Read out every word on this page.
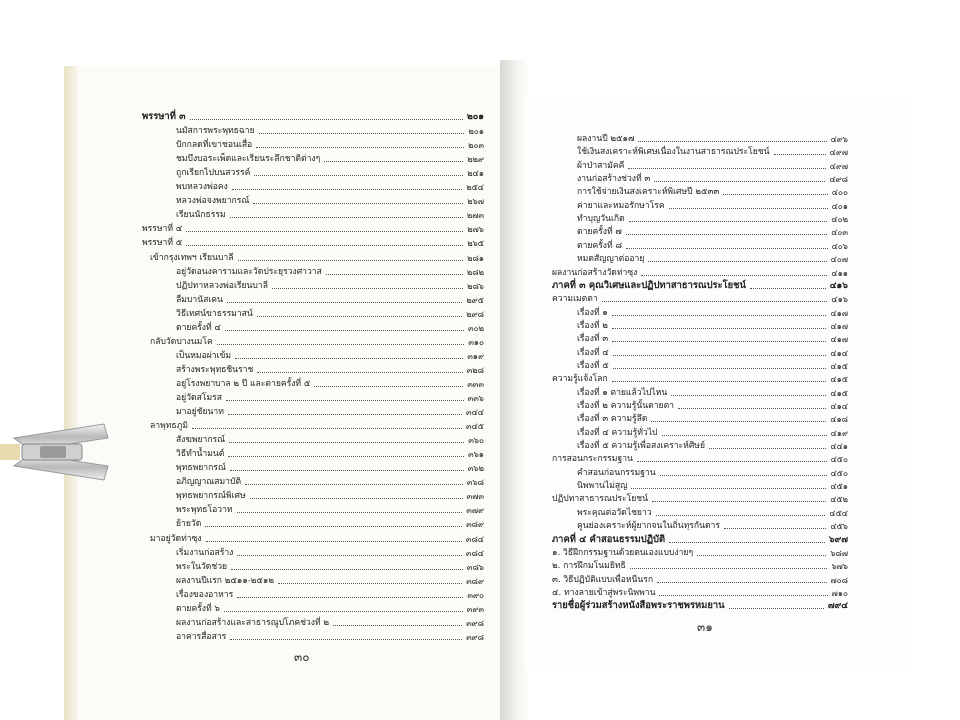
พรรษาที่ ๓	๒๐๑
นมัสการพระพุทธฉาย	๒๐๑
ปักกลดที่เขาชอนเสื่อ	๒๐๓
ชมบึงบอระเพ็ดและเรียนระลึกชาติต่างๆ	๒๒๙
ถูกเรียกไปบนสวรรค์	๒๔๑
พบหลวงพ่อคง	๒๕๔
หลวงพ่อจงพยากรณ์	๒๖๗
เรียนนักธรรม	๒๗๓
พรรษาที่ ๔	๒๗๖
พรรษาที่ ๕	๒๖๕
เข้ากรุงเทพฯ เรียนบาลี	๒๘๑
อยู่วัดอนงคารามและวัดประยุรวงศาวาส	๒๘๒
ปฏิปทาหลวงพ่อเรียนบาลี	๒๘๖
ลืมบานัสเคน	๒๙๕
วิธีเทศน์ขาธรรมาสน์	๒๙๘
ตายครั้งที่ ๔	๓๐๒
กลับวัดบางนมโค	๓๑๐
เป็นหมอผ่าเข้ม	๓๑๙
สร้างพระพุทธชินราช	๓๒๘
อยู่โรงพยาบาล ๒ ปี และตายครั้งที่ ๕	๓๓๓
อยู่วัดสโมรส	๓๓๖
มาอยู่ชัยนาท	๓๔๔
ลาพุทธภูมิ	๓๔๕
สังฆพยากรณ์	๓๖๐
วิธีทำน้ำมนต์	๓๖๑
พุทธพยากรณ์	๓๖๒
อภิญญาณสมาบัติ	๓๖๘
พุทธพยากรณ์พิเศษ	๓๗๓
พระพุทธโอวาท	๓๗๙
ย้ายวัด	๓๘๙
มาอยู่วัดท่าซุง	๓๘๔
เริ่มงานก่อสร้าง	๓๘๔
พระในวัดช่วย	๓๘๖
ผลงานปีแรก ๒๕๑๑-๒๕๑๒	๓๘๙
เรื่องของอาหาร	๓๙๐
ตายครั้งที่ ๖	๓๙๓
ผลงานก่อสร้างและสาธารณูปโภคช่วงที่ ๒	๓๙๘
อาคารสื่อสาร	๓๙๘
ผลงานปี ๒๕๑๗	๔๙๖
ใช้เงินสงเคราะห์พิเศษเนื่องในงานสาธารณประโยชน์	๔๙๗
ผ้าป่าสามัคคี	๔๙๗
งานก่อสร้างช่วงที่ ๓	๔๙๘
การใช้จ่ายเงินสงเคราะห์พิเศษปี ๒๕๓๓	๔๐๐
ค่ายาและหมอรักษาโรค	๔๐๑
ทำบุญวันเกิด	๔๐๒
ตายครั้งที่ ๗	๔๐๓
ตายครั้งที่ ๘	๔๐๖
หมดสัญญาต่ออายุ	๔๐๗
ผลงานก่อสร้างวัดท่าซุง	๔๑๑
ภาคที่ ๓ คุณวิเศษและปฏิปทาสาธารณประโยชน์	๔๑๖
ความเมตตา	๔๑๖
เรื่องที่ ๑	๔๑๗
เรื่องที่ ๒	๔๑๗
เรื่องที่ ๓	๔๑๗
เรื่องที่ ๔	๔๑๔
เรื่องที่ ๕	๔๑๕
ความรู้แจ้งโลก	๔๑๕
เรื่องที่ ๑ ตายแล้วไปไหน	๔๑๕
เรื่องที่ ๒ ความรู้นั้นตายตา	๔๑๔
เรื่องที่ ๓ ความรู้ลึด	๔๑๘
เรื่องที่ ๔ ความรู้ทั่วไป	๔๑๙
เรื่องที่ ๕ ความรู้เพื่อสงเคราะห์ศิษย์	๔๔๑
การสอนกระกรรมฐาน	๔๕๐
คำสอนก่อนกรรมฐาน	๔๕๐
นิพพานไม่สูญ	๔๕๑
ปฏิปทาสาธารณประโยชน์	๔๕๒
พระคุณต่อวัดไชยาว	๔๕๔
คูนย่องเคราะห์ผู้ยากจนในถิ่นทุรกันดาร	๔๕๖
ภาคที่ ๔ คำสอนธรรมปฏิบัติ	๖๙๗
๑. วิธีฝึกกรรมฐานด้วยตนเองแบบง่ายๆ	๖๘๗
๒. การฝึกมโนมยิทธิ	๖๗๖
๓. วิธีปฏิบัติแบบเพื่อหนีนรก	๗๐๘
๔. ทางลายเข้าสู่พระนิพพาน	๗๑๐
รายชื่อผู้ร่วมสร้างหนังสือพระราชพรหมยาน	๗๙๔
๓๐
๓๑
